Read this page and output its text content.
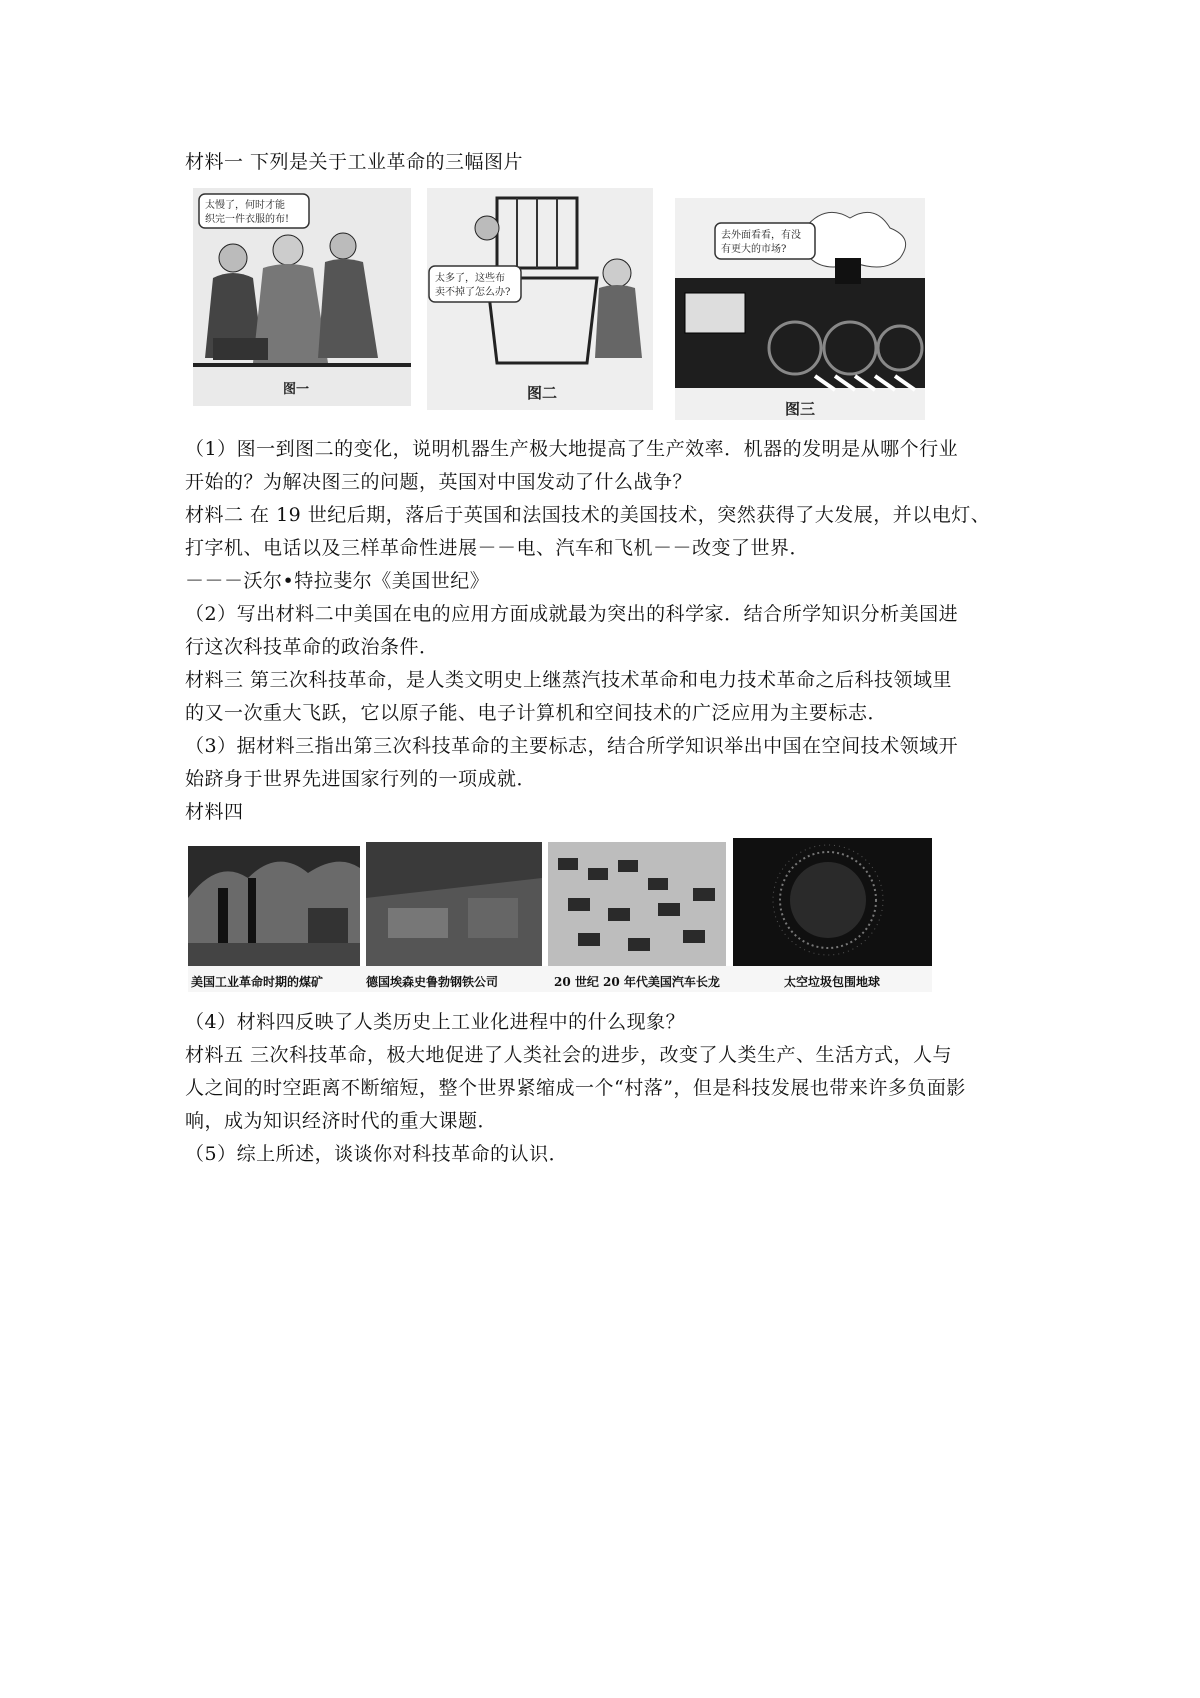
材料一 下列是关于工业革命的三幅图片
太慢了，何时才能
织完一件衣服的布!
图一
太多了，这些布
卖不掉了怎么办?
图二
去外面看看，有没
有更大的市场?
图三
（1）图一到图二的变化，说明机器生产极大地提高了生产效率．机器的发明是从哪个行业
开始的？为解决图三的问题，英国对中国发动了什么战争？
材料二 在 19 世纪后期，落后于英国和法国技术的美国技术，突然获得了大发展，并以电灯、
打字机、电话以及三样革命性进展－－电、汽车和飞机－－改变了世界．
－－－沃尔•特拉斐尔《美国世纪》
（2）写出材料二中美国在电的应用方面成就最为突出的科学家．结合所学知识分析美国进
行这次科技革命的政治条件．
材料三 第三次科技革命，是人类文明史上继蒸汽技术革命和电力技术革命之后科技领域里
的又一次重大飞跃，它以原子能、电子计算机和空间技术的广泛应用为主要标志．
（3）据材料三指出第三次科技革命的主要标志，结合所学知识举出中国在空间技术领域开
始跻身于世界先进国家行列的一项成就．
材料四
美国工业革命时期的煤矿	德国埃森史鲁勃钢铁公司	20 世纪 20 年代美国汽车长龙	太空垃圾包围地球
（4）材料四反映了人类历史上工业化进程中的什么现象？
材料五 三次科技革命，极大地促进了人类社会的进步，改变了人类生产、生活方式，人与
人之间的时空距离不断缩短，整个世界紧缩成一个“村落”，但是科技发展也带来许多负面影
响，成为知识经济时代的重大课题．
（5）综上所述，谈谈你对科技革命的认识．
